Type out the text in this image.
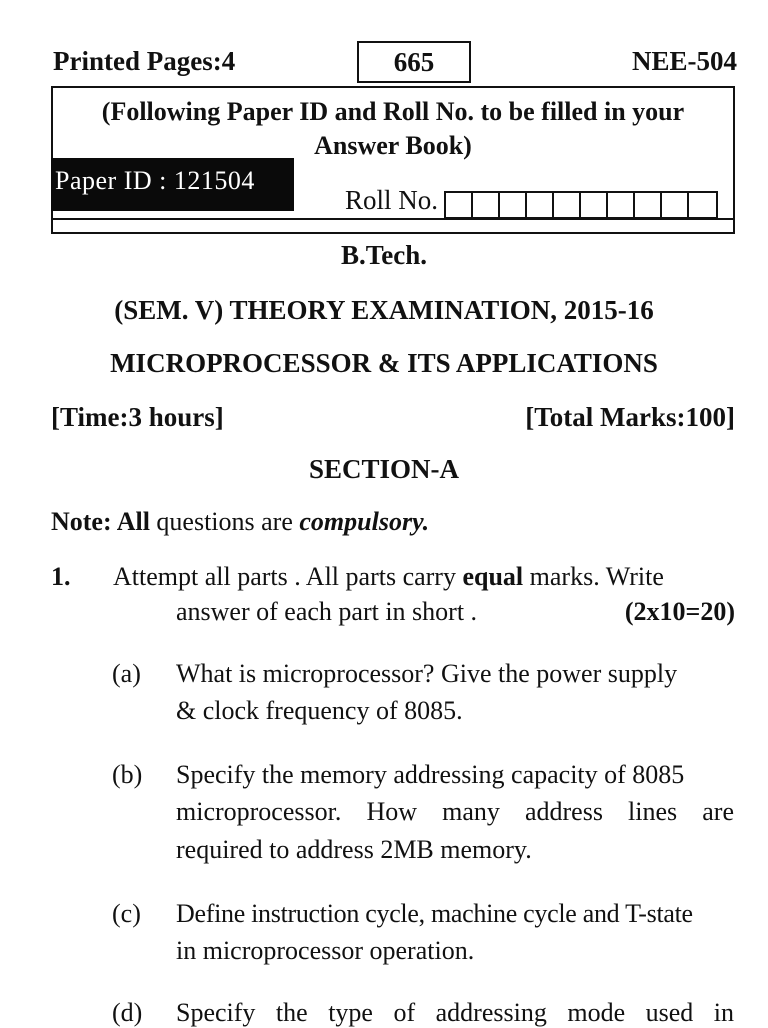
Printed Pages:4	665	NEE-504
(Following Paper ID and Roll No. to be filled in your
Answer Book)
Paper ID : 121504
Roll No.
B.Tech.
(SEM. V) THEORY EXAMINATION, 2015-16
MICROPROCESSOR & ITS APPLICATIONS
[Time:3 hours]	[Total Marks:100]
SECTION-A
Note: All questions are compulsory.
1. Attempt all parts . All parts carry equal marks. Write
answer of each part in short .	(2x10=20)
(a) What is microprocessor? Give the power supply
& clock frequency of 8085.
(b) Specify the memory addressing capacity of 8085
microprocessor. How many address lines are
required to address 2MB memory.
(c) Define instruction cycle, machine cycle and T-state
in microprocessor operation.
(d) Specify the type of addressing mode used in
